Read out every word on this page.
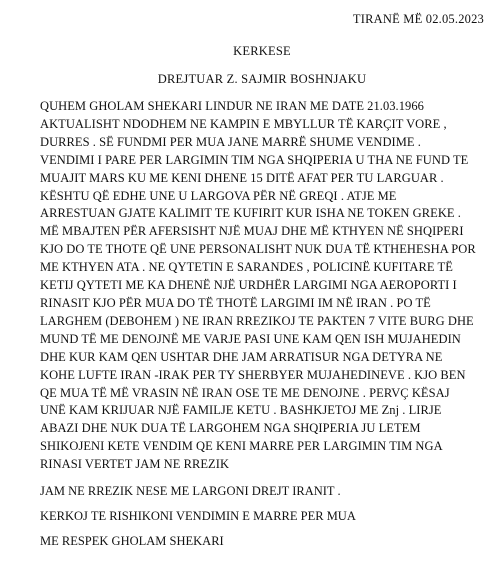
TIRANË MË 02.05.2023
KERKESE
DREJTUAR Z. SAJMIR BOSHNJAKU
QUHEM GHOLAM SHEKARI LINDUR NE IRAN ME DATE 21.03.1966
AKTUALISHT NDODHEM NE KAMPIN E MBYLLUR TË KARÇIT VORE ,
DURRES . SË FUNDMI PER MUA JANE MARRË SHUME VENDIME .
VENDIMI I PARE PER LARGIMIN TIM NGA SHQIPERIA U THA NE FUND TE
MUAJIT MARS KU ME KENI DHENE 15 DITË AFAT PER TU LARGUAR .
KËSHTU QË EDHE UNE U LARGOVA PËR NË GREQI . ATJE ME
ARRESTUAN GJATE KALIMIT TE KUFIRIT KUR ISHA NE TOKEN GREKE .
MË MBAJTEN PËR AFERSISHT NJË MUAJ DHE MË KTHYEN NË SHQIPERI
KJO DO TE THOTE QË UNE PERSONALISHT NUK DUA TË KTHEHESHA POR
ME KTHYEN ATA . NE QYTETIN E SARANDES , POLICINË KUFITARE TË
KETIJ QYTETI ME KA DHENË NJË URDHËR LARGIMI NGA AEROPORTI I
RINASIT KJO PËR MUA DO TË THOTË LARGIMI IM NË IRAN . PO TË
LARGHEM (DEBOHEM ) NE IRAN RREZIKOJ TE PAKTEN 7 VITE BURG DHE
MUND TË ME DENOJNË ME VARJE PASI UNE KAM QEN ISH MUJAHEDIN
DHE KUR KAM QEN USHTAR DHE JAM ARRATISUR NGA DETYRA NE
KOHE LUFTE IRAN -IRAK PER TY SHERBYER MUJAHEDINEVE . KJO BEN
QE MUA TË MË VRASIN NË IRAN OSE TE ME DENOJNE . PERVÇ KËSAJ
UNË KAM KRIJUAR NJË FAMILJE KETU . BASHKJETOJ ME Znj . LIRJE
ABAZI DHE NUK DUA TË LARGOHEM NGA SHQIPERIA JU LETEM
SHIKOJENI KETE VENDIM QE KENI MARRE PER LARGIMIN TIM NGA
RINASI VERTET JAM NE RREZIK
JAM NE RREZIK NESE ME LARGONI DREJT IRANIT .
KERKOJ TE RISHIKONI VENDIMIN E MARRE PER MUA
ME RESPEK GHOLAM SHEKARI
